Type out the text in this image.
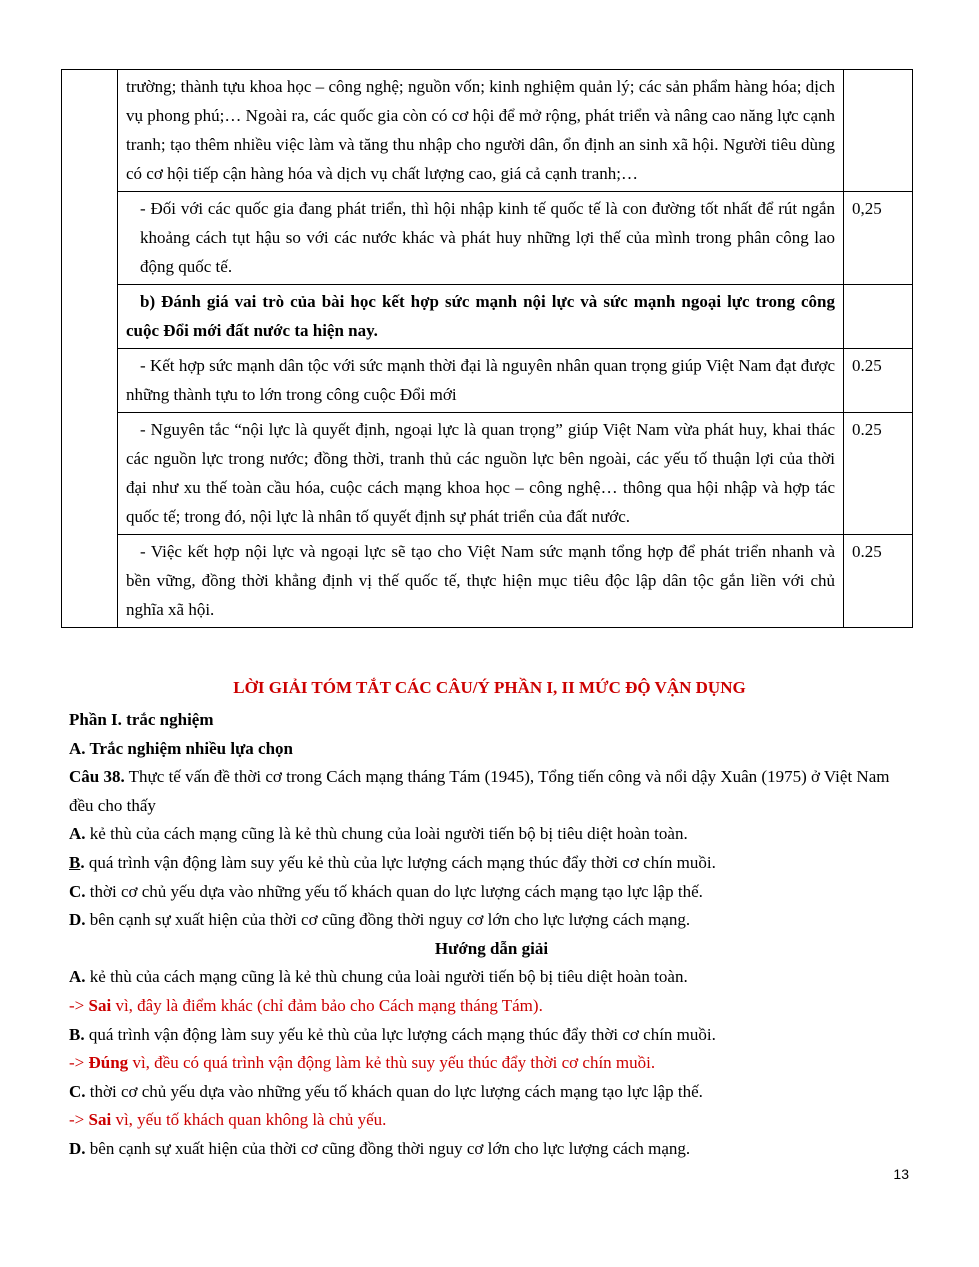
	trường; thành tựu khoa học – công nghệ; nguồn vốn; kinh nghiệm quản lý; các sản phẩm hàng hóa; dịch vụ phong phú;… Ngoài ra, các quốc gia còn có cơ hội để mở rộng, phát triển và nâng cao năng lực cạnh tranh; tạo thêm nhiều việc làm và tăng thu nhập cho người dân, ổn định an sinh xã hội. Người tiêu dùng có cơ hội tiếp cận hàng hóa và dịch vụ chất lượng cao, giá cả cạnh tranh;…	
	- Đối với các quốc gia đang phát triển, thì hội nhập kinh tế quốc tế là con đường tốt nhất để rút ngắn khoảng cách tụt hậu so với các nước khác và phát huy những lợi thế của mình trong phân công lao động quốc tế.	0,25
	b) Đánh giá vai trò của bài học kết hợp sức mạnh nội lực và sức mạnh ngoại lực trong công cuộc Đổi mới đất nước ta hiện nay.	
	- Kết hợp sức mạnh dân tộc với sức mạnh thời đại là nguyên nhân quan trọng giúp Việt Nam đạt được những thành tựu to lớn trong công cuộc Đổi mới	0.25
	- Nguyên tắc “nội lực là quyết định, ngoại lực là quan trọng” giúp Việt Nam vừa phát huy, khai thác các nguồn lực trong nước; đồng thời, tranh thủ các nguồn lực bên ngoài, các yếu tố thuận lợi của thời đại như xu thế toàn cầu hóa, cuộc cách mạng khoa học – công nghệ… thông qua hội nhập và hợp tác quốc tế; trong đó, nội lực là nhân tố quyết định sự phát triển của đất nước.	0.25
	- Việc kết hợp nội lực và ngoại lực sẽ tạo cho Việt Nam sức mạnh tổng hợp để phát triển nhanh và bền vững, đồng thời khẳng định vị thế quốc tế, thực hiện mục tiêu độc lập dân tộc gắn liền với chủ nghĩa xã hội.	0.25
LỜI GIẢI TÓM TẮT CÁC CÂU/Ý PHẦN I, II MỨC ĐỘ VẬN DỤNG

Phần I. trắc nghiệm

A. Trắc nghiệm nhiều lựa chọn

Câu 38. Thực tế vấn đề thời cơ trong Cách mạng tháng Tám (1945), Tổng tiến công và nổi dậy Xuân (1975) ở Việt Nam đều cho thấy

A. kẻ thù của cách mạng cũng là kẻ thù chung của loài người tiến bộ bị tiêu diệt hoàn toàn.

B. quá trình vận động làm suy yếu kẻ thù của lực lượng cách mạng thúc đẩy thời cơ chín muồi.

C. thời cơ chủ yếu dựa vào những yếu tố khách quan do lực lượng cách mạng tạo lực lập thế.

D. bên cạnh sự xuất hiện của thời cơ cũng đồng thời nguy cơ lớn cho lực lượng cách mạng.

Hướng dẫn giải

A. kẻ thù của cách mạng cũng là kẻ thù chung của loài người tiến bộ bị tiêu diệt hoàn toàn.

-> Sai vì, đây là điểm khác (chỉ đảm bảo cho Cách mạng tháng Tám).

B. quá trình vận động làm suy yếu kẻ thù của lực lượng cách mạng thúc đẩy thời cơ chín muồi.

-> Đúng vì, đều có quá trình vận động làm kẻ thù suy yếu thúc đẩy thời cơ chín muồi.

C. thời cơ chủ yếu dựa vào những yếu tố khách quan do lực lượng cách mạng tạo lực lập thế.

-> Sai vì, yếu tố khách quan không là chủ yếu.

D. bên cạnh sự xuất hiện của thời cơ cũng đồng thời nguy cơ lớn cho lực lượng cách mạng.

13
